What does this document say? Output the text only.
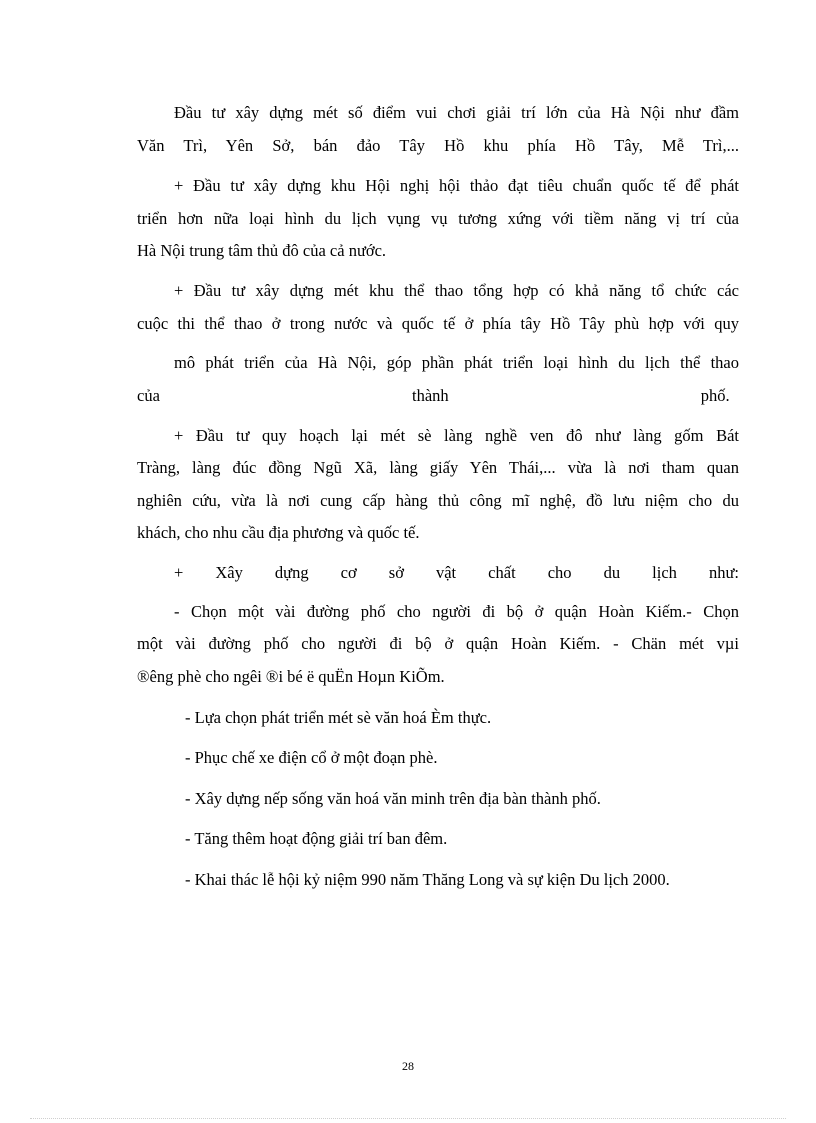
Đầu tư xây dựng mét số điểm vui chơi giải trí lớn của Hà Nội như đầm
Văn Trì, Yên Sở, bán đảo Tây Hồ khu phía Hồ Tây, Mễ Trì,...
+ Đầu tư xây dựng khu Hội nghị hội thảo đạt tiêu chuẩn quốc tế để phát
triển hơn nữa loại hình du lịch vụng vụ tương xứng với tiềm năng vị trí của
Hà Nội trung tâm thủ đô của cả nước.
+ Đầu tư xây dựng mét khu thể thao tổng hợp có khả năng tổ chức các
cuộc thi thể thao ở trong nước và quốc tế ở phía tây Hồ Tây phù hợp với quy
mô phát triển của Hà Nội, góp phần phát triển loại hình du lịch thể thao
của thành phố.
+ Đầu tư quy hoạch lại mét sè làng nghề ven đô như làng gốm Bát
Tràng, làng đúc đồng Ngũ Xã, làng giấy Yên Thái,... vừa là nơi tham quan
nghiên cứu, vừa là nơi cung cấp hàng thủ công mĩ nghệ, đồ lưu niệm cho du
khách, cho nhu cầu địa phương và quốc tế.
+ Xây dựng cơ sở vật chất cho du lịch như:
- Chọn một vài đường phố cho người đi bộ ở quận Hoàn Kiếm.- Chọn
một vài đường phố cho người đi bộ ở quận Hoàn Kiếm. - Chän mét vµi
®êng phè cho ngêi ®i bé ë quËn Hoµn KiÕm.
- Lựa chọn phát triển mét sè văn hoá Èm thực.
- Phục chế xe điện cổ ở một đoạn phè.
- Xây dựng nếp sống văn hoá văn minh trên địa bàn thành phố.
- Tăng thêm hoạt động giải trí ban đêm.
- Khai thác lễ hội kỷ niệm 990 năm Thăng Long và sự kiện Du lịch 2000.
28
